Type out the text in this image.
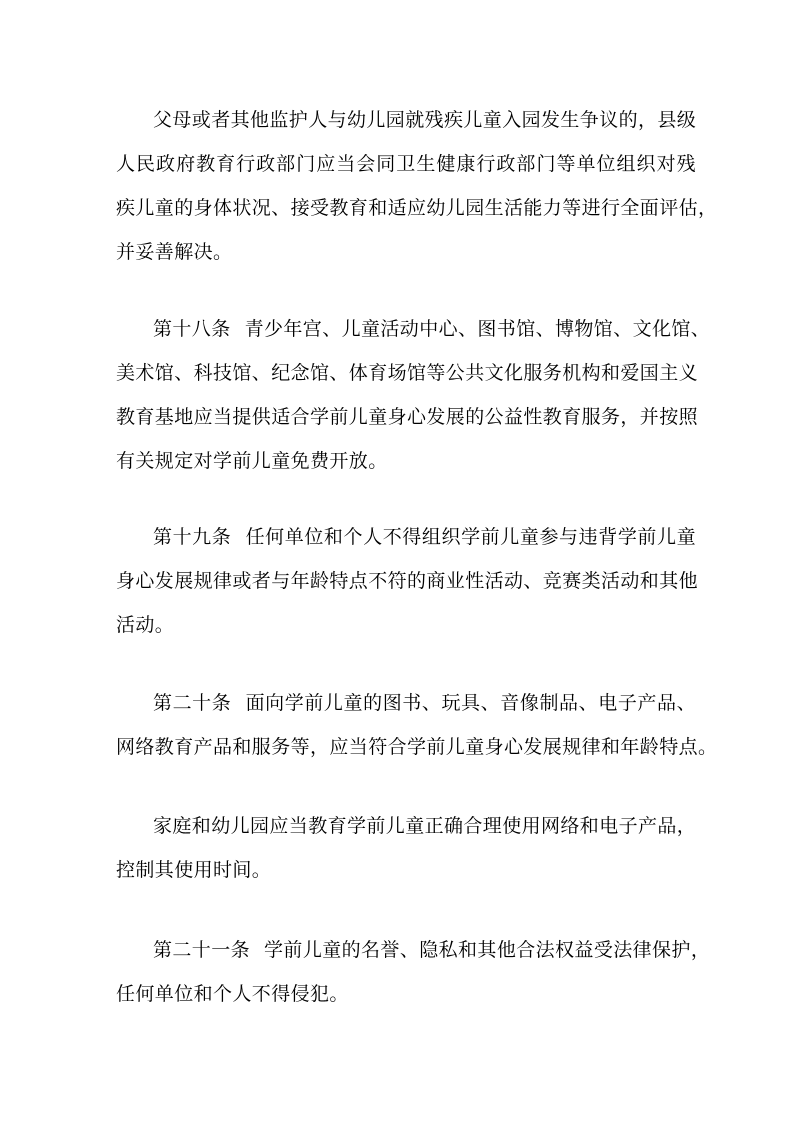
父母或者其他监护人与幼儿园就残疾儿童入园发生争议的，县级
人民政府教育行政部门应当会同卫生健康行政部门等单位组织对残
疾儿童的身体状况、接受教育和适应幼儿园生活能力等进行全面评估，
并妥善解决。
第十八条 青少年宫、儿童活动中心、图书馆、博物馆、文化馆、
美术馆、科技馆、纪念馆、体育场馆等公共文化服务机构和爱国主义
教育基地应当提供适合学前儿童身心发展的公益性教育服务，并按照
有关规定对学前儿童免费开放。
第十九条 任何单位和个人不得组织学前儿童参与违背学前儿童
身心发展规律或者与年龄特点不符的商业性活动、竞赛类活动和其他
活动。
第二十条 面向学前儿童的图书、玩具、音像制品、电子产品、
网络教育产品和服务等，应当符合学前儿童身心发展规律和年龄特点。
家庭和幼儿园应当教育学前儿童正确合理使用网络和电子产品，
控制其使用时间。
第二十一条 学前儿童的名誉、隐私和其他合法权益受法律保护，
任何单位和个人不得侵犯。
